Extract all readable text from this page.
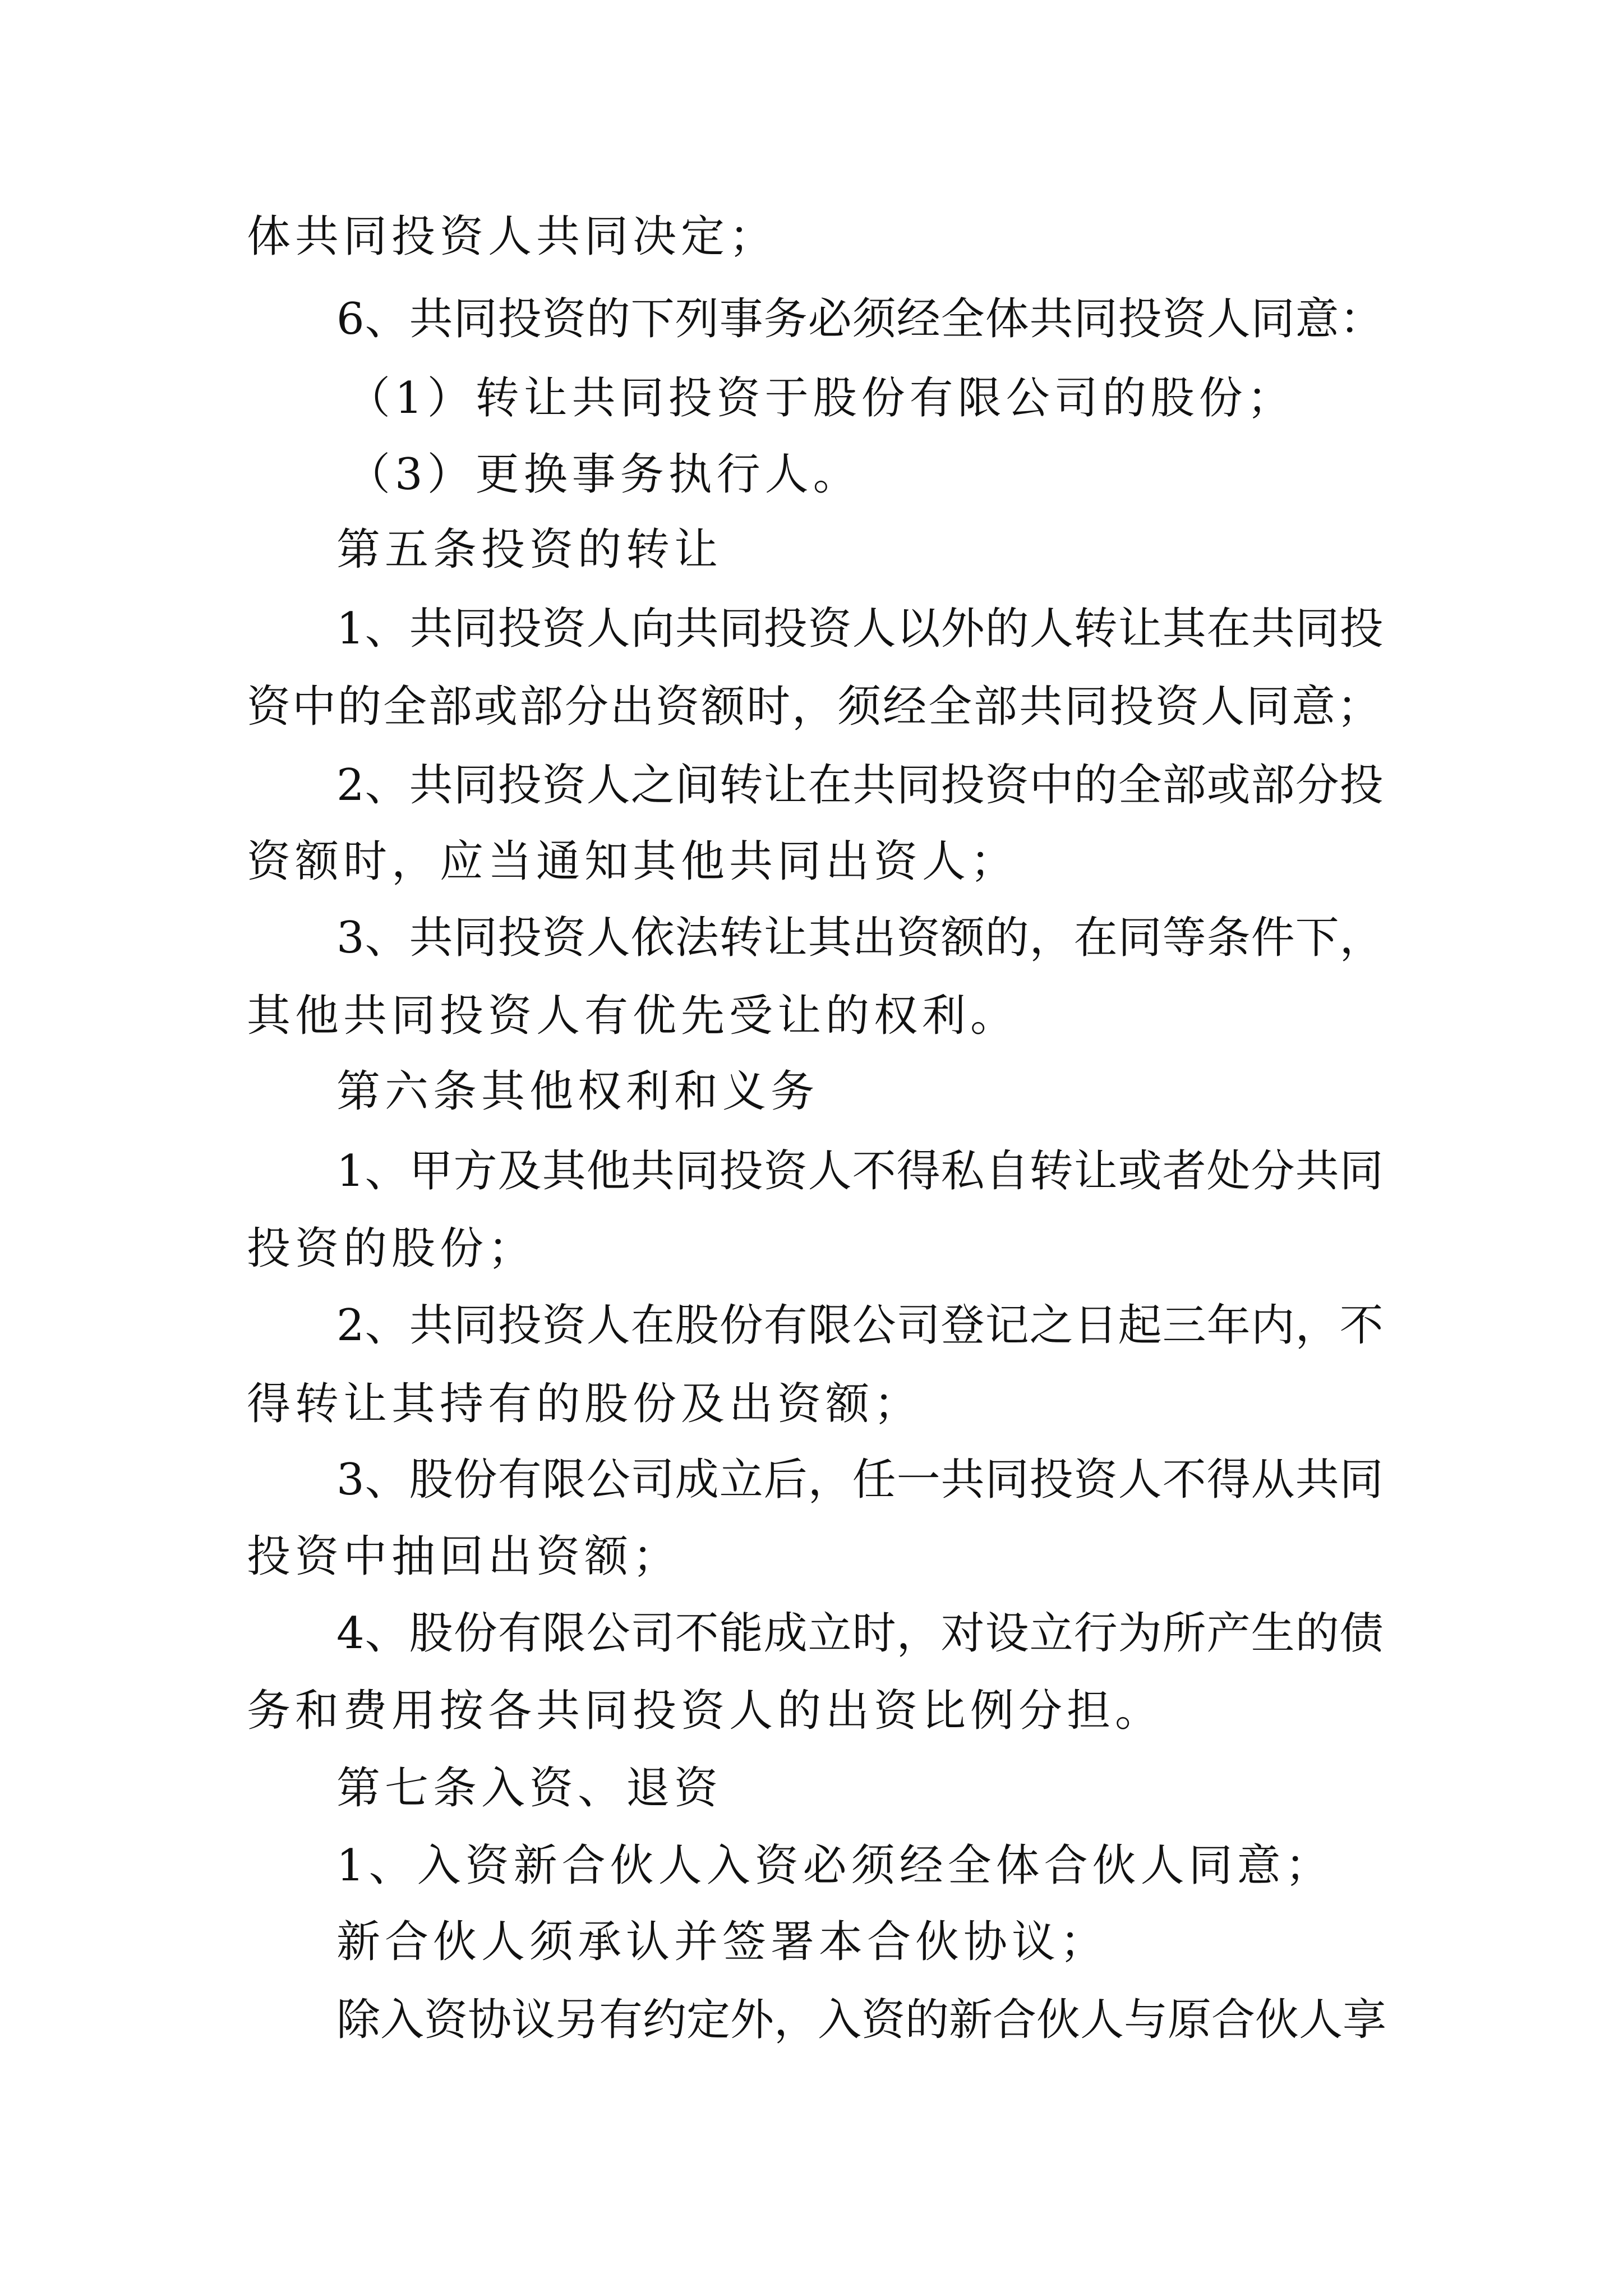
体共同投资人共同决定；
6、共同投资的下列事务必须经全体共同投资人同意：
（1）转让共同投资于股份有限公司的股份；
（3）更换事务执行人。
第五条投资的转让
1、共同投资人向共同投资人以外的人转让其在共同投
资中的全部或部分出资额时，须经全部共同投资人同意；
2、共同投资人之间转让在共同投资中的全部或部分投
资额时，应当通知其他共同出资人；
3、共同投资人依法转让其出资额的，在同等条件下，
其他共同投资人有优先受让的权利。
第六条其他权利和义务
1、甲方及其他共同投资人不得私自转让或者处分共同
投资的股份；
2、共同投资人在股份有限公司登记之日起三年内，不
得转让其持有的股份及出资额；
3、股份有限公司成立后，任一共同投资人不得从共同
投资中抽回出资额；
4、股份有限公司不能成立时，对设立行为所产生的债
务和费用按各共同投资人的出资比例分担。
第七条入资、退资
1、入资新合伙人入资必须经全体合伙人同意；
新合伙人须承认并签署本合伙协议；
除入资协议另有约定外，入资的新合伙人与原合伙人享
